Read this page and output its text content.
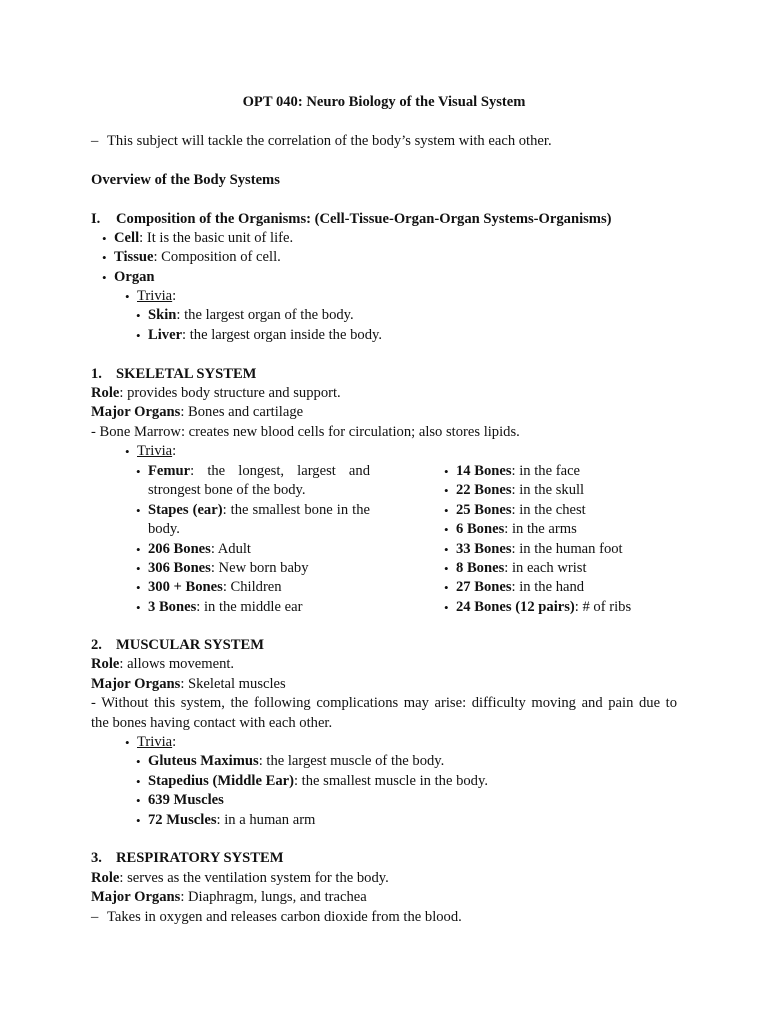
OPT 040: Neuro Biology of the Visual System
– This subject will tackle the correlation of the body’s system with each other.
Overview of the Body Systems
I. Composition of the Organisms: (Cell-Tissue-Organ-Organ Systems-Organisms)
• Cell: It is the basic unit of life.
• Tissue: Composition of cell.
• Organ
• Trivia:
• Skin: the largest organ of the body.
• Liver: the largest organ inside the body.
1. SKELETAL SYSTEM
Role: provides body structure and support.
Major Organs: Bones and cartilage
- Bone Marrow: creates new blood cells for circulation; also stores lipids.
• Trivia:
• Femur: the longest, largest and strongest bone of the body.
• Stapes (ear): the smallest bone in the body.
• 206 Bones: Adult
• 306 Bones: New born baby
• 300 + Bones: Children
• 3 Bones: in the middle ear
• 14 Bones: in the face
• 22 Bones: in the skull
• 25 Bones: in the chest
• 6 Bones: in the arms
• 33 Bones: in the human foot
• 8 Bones: in each wrist
• 27 Bones: in the hand
• 24 Bones (12 pairs): # of ribs
2. MUSCULAR SYSTEM
Role: allows movement.
Major Organs: Skeletal muscles
- Without this system, the following complications may arise: difficulty moving and pain due to
the bones having contact with each other.
• Trivia:
• Gluteus Maximus: the largest muscle of the body.
• Stapedius (Middle Ear): the smallest muscle in the body.
• 639 Muscles
• 72 Muscles: in a human arm
3. RESPIRATORY SYSTEM
Role: serves as the ventilation system for the body.
Major Organs: Diaphragm, lungs, and trachea
– Takes in oxygen and releases carbon dioxide from the blood.
